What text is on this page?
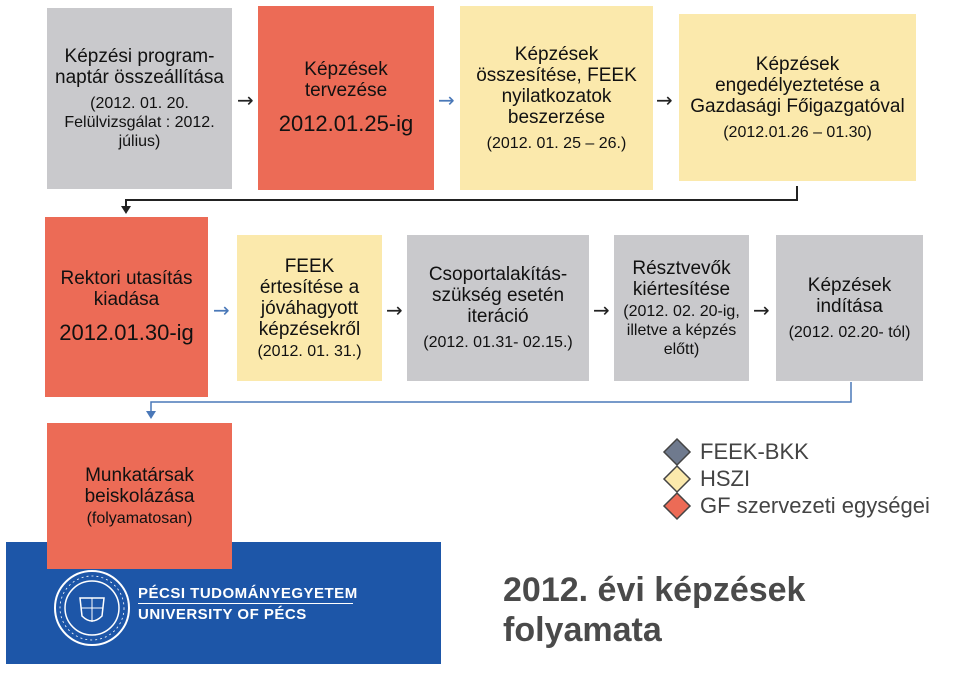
Képzési program- naptár összeállítása
(2012. 01. 20. Felülvizsgálat : 2012. július)
→
Képzések tervezése
2012.01.25-ig
→
Képzések összesítése, FEEK nyilatkozatok beszerzése
(2012. 01. 25 – 26.)
→
Képzések engedélyeztetése a Gazdasági Főigazgatóval
(2012.01.26 – 01.30)
Rektori utasítás kiadása
2012.01.30-ig
→
FEEK értesítése a jóváhagyott képzésekről
(2012. 01. 31.)
→
Csoportalakítás-szükség esetén iteráció
(2012. 01.31- 02.15.)
→
Résztvevők kiértesítése
(2012. 02. 20-ig, illetve a képzés előtt)
→
Képzések indítása
(2012. 02.20- tól)
Munkatársak beiskolázása
(folyamatosan)
FEEK-BKK
HSZI
GF szervezeti egységei
PÉCSI TUDOMÁNYEGYETEM
UNIVERSITY OF PÉCS
2012. évi képzések
folyamata
